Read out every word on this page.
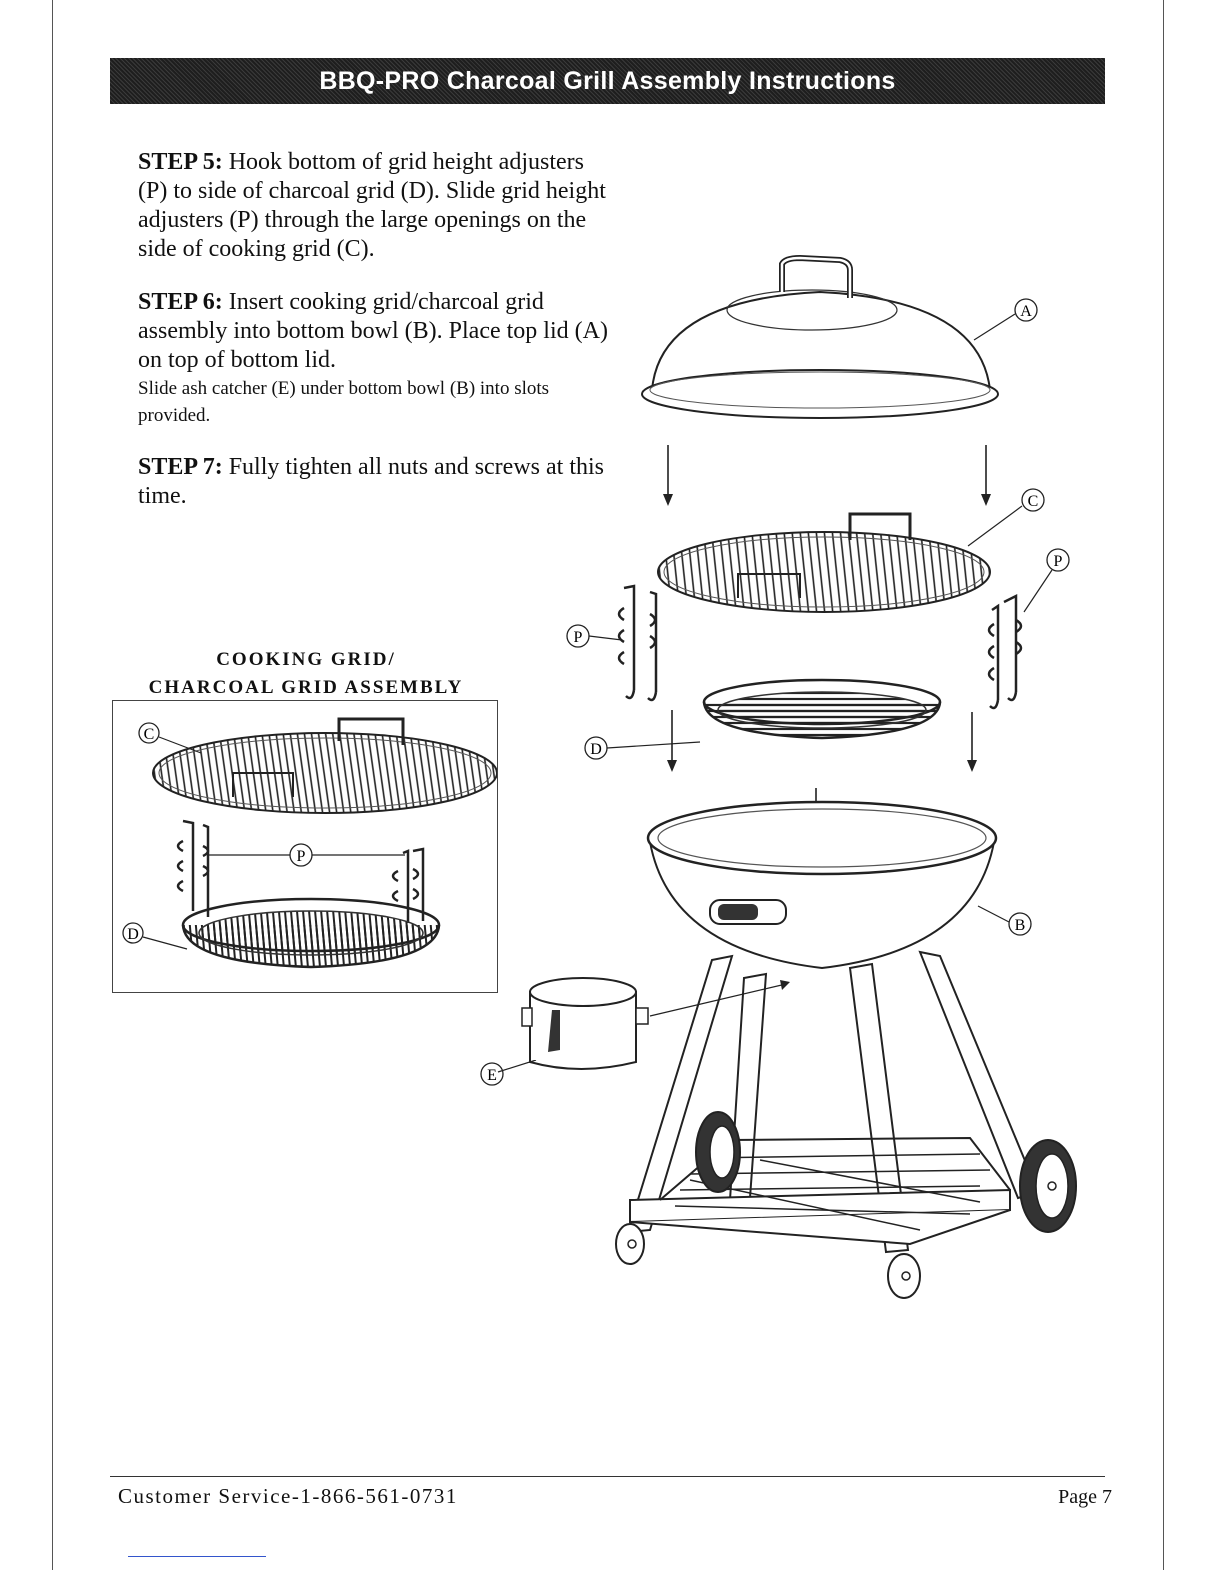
BBQ-PRO Charcoal Grill Assembly Instructions

STEP 5: Hook bottom of grid height adjusters (P) to side of charcoal grid (D). Slide grid height adjusters (P) through the large openings on the side of cooking grid (C).

STEP 6: Insert cooking grid/charcoal grid assembly into bottom bowl (B). Place top lid (A) on top of bottom lid.
Slide ash catcher (E) under bottom bowl (B) into slots provided.

STEP 7: Fully tighten all nuts and screws at this time.

COOKING GRID/
CHARCOAL GRID ASSEMBLY
C
P
D
A
C
P
P
D
B
E
Customer Service-1-866-561-0731	Page 7
